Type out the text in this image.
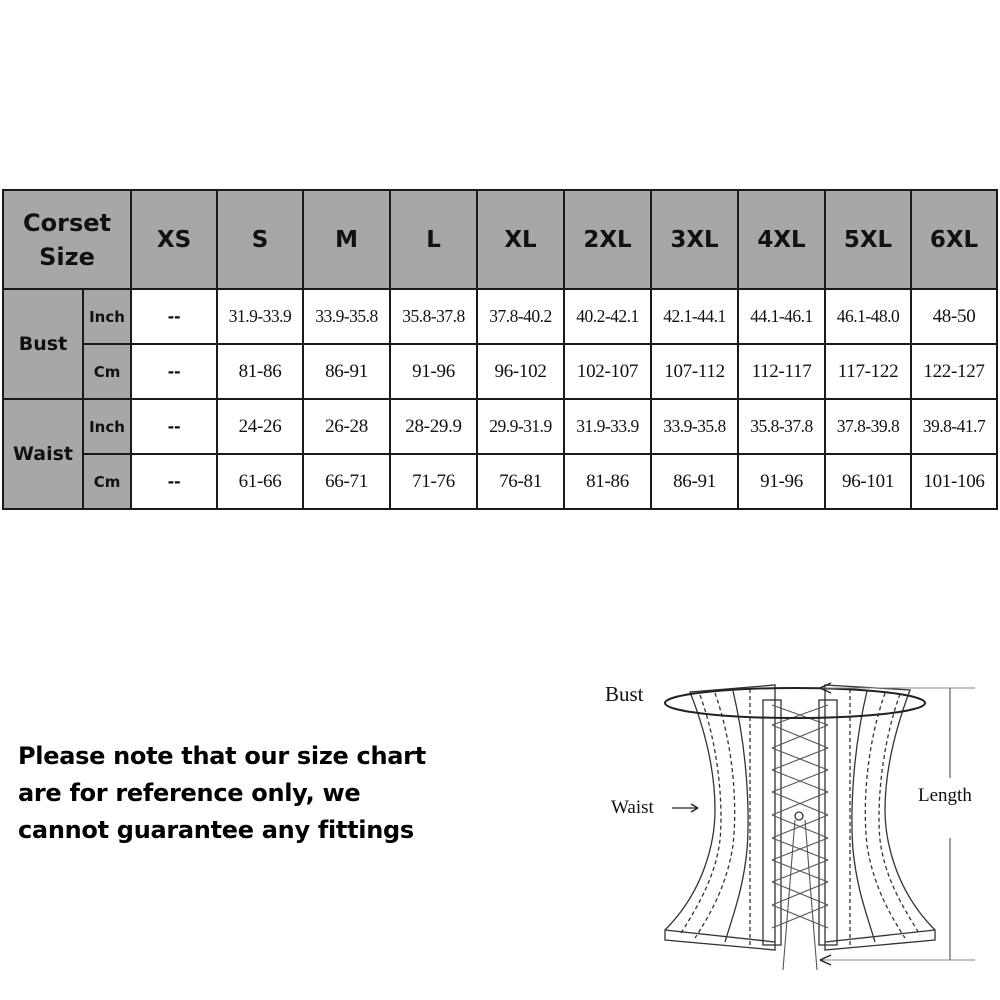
Corset
Size		XS	S	M	L	XL	2XL	3XL	4XL	5XL	6XL
Bust	Inch	--	31.9-33.9	33.9-35.8	35.8-37.8	37.8-40.2	40.2-42.1	42.1-44.1	44.1-46.1	46.1-48.0	48-50
	Cm	--	81-86	86-91	91-96	96-102	102-107	107-112	112-117	117-122	122-127
Waist	Inch	--	24-26	26-28	28-29.9	29.9-31.9	31.9-33.9	33.9-35.8	35.8-37.8	37.8-39.8	39.8-41.7
	Cm	--	61-66	66-71	71-76	76-81	81-86	86-91	91-96	96-101	101-106
Please note that our size chart
are for reference only, we
cannot guarantee any fittings
Bust
Waist
Length
